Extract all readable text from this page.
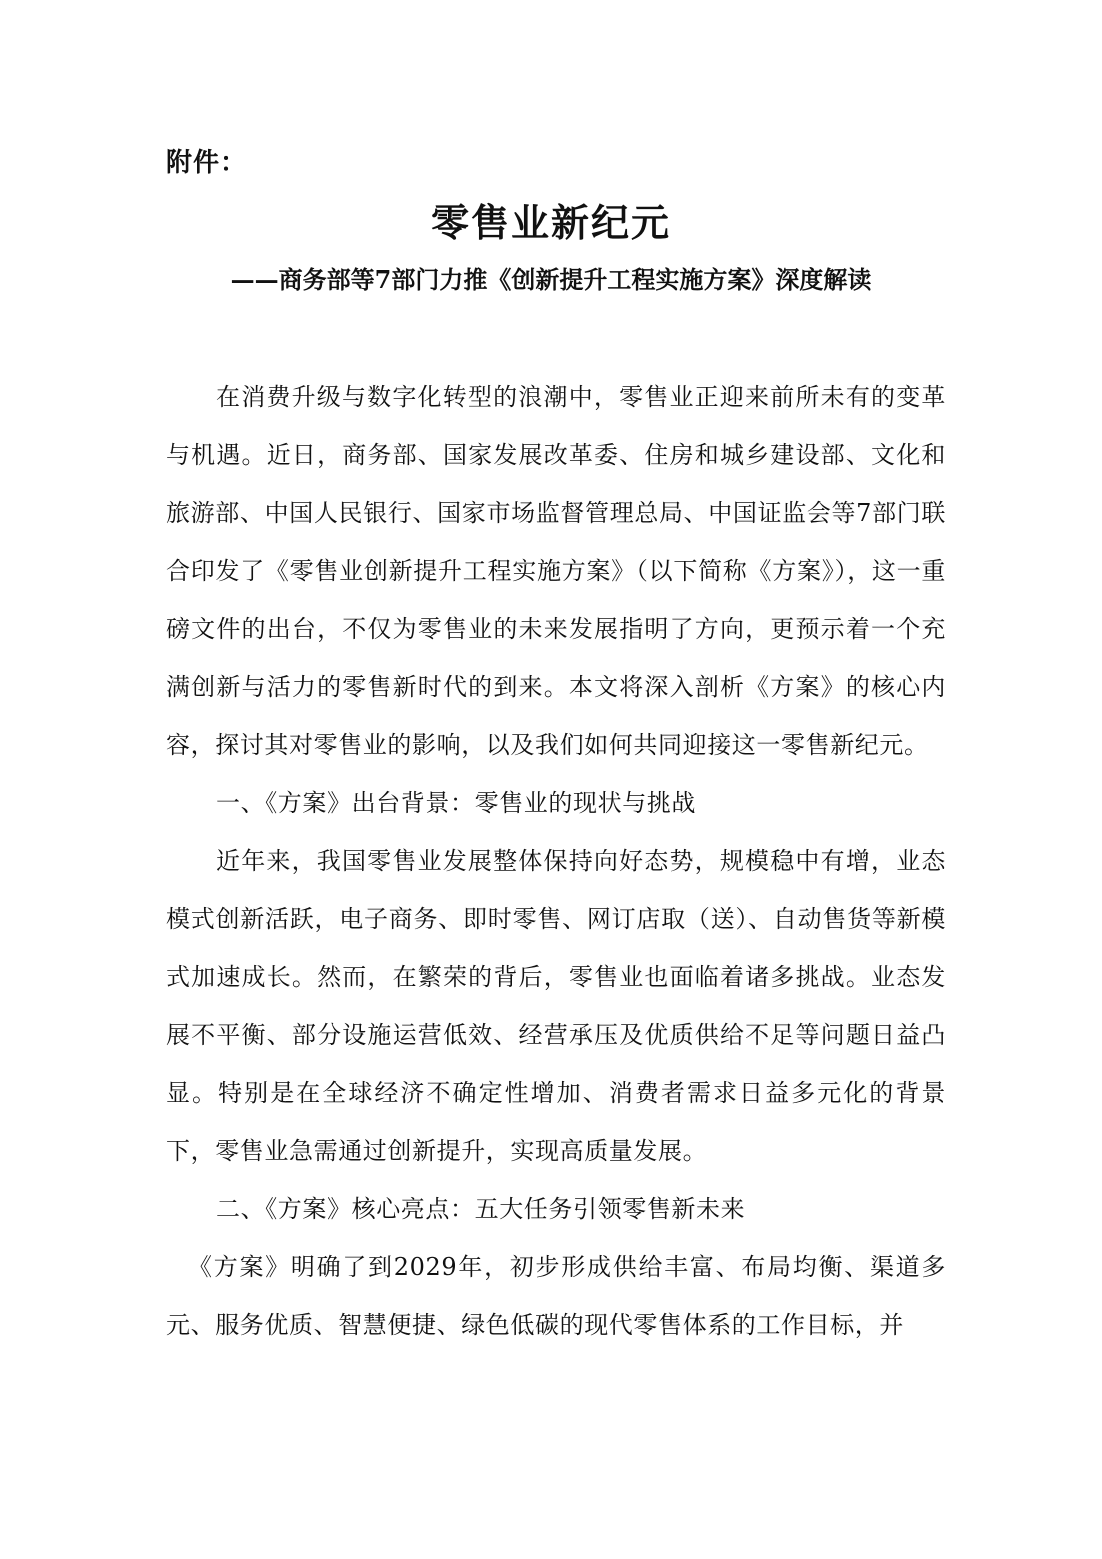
附件：
零售业新纪元
——商务部等7部门力推《创新提升工程实施方案》深度解读

在消费升级与数字化转型的浪潮中，零售业正迎来前所未有的变革与机遇。近日，商务部、国家发展改革委、住房和城乡建设部、文化和旅游部、中国人民银行、国家市场监督管理总局、中国证监会等7部门联合印发了《零售业创新提升工程实施方案》（以下简称《方案》），这一重磅文件的出台，不仅为零售业的未来发展指明了方向，更预示着一个充满创新与活力的零售新时代的到来。本文将深入剖析《方案》的核心内容，探讨其对零售业的影响，以及我们如何共同迎接这一零售新纪元。

一、《方案》出台背景：零售业的现状与挑战

近年来，我国零售业发展整体保持向好态势，规模稳中有增，业态模式创新活跃，电子商务、即时零售、网订店取（送）、自动售货等新模式加速成长。然而，在繁荣的背后，零售业也面临着诸多挑战。业态发展不平衡、部分设施运营低效、经营承压及优质供给不足等问题日益凸显。特别是在全球经济不确定性增加、消费者需求日益多元化的背景下，零售业急需通过创新提升，实现高质量发展。

二、《方案》核心亮点：五大任务引领零售新未来

《方案》明确了到2029年，初步形成供给丰富、布局均衡、渠道多元、服务优质、智慧便捷、绿色低碳的现代零售体系的工作目标，并
